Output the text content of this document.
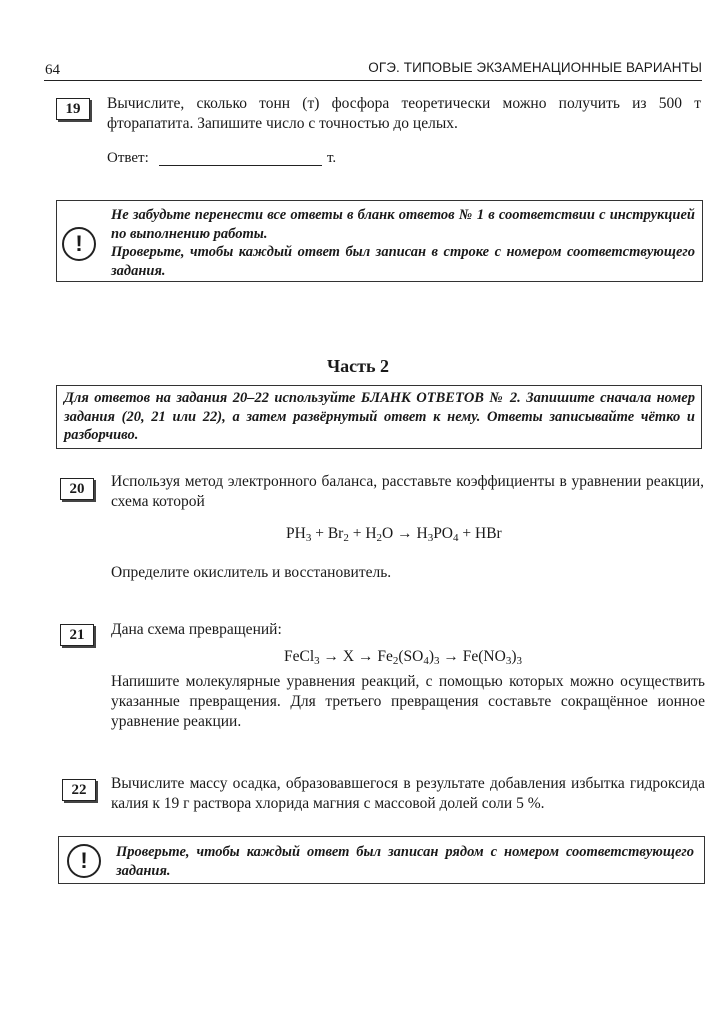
64	ОГЭ. ТИПОВЫЕ ЭКЗАМЕНАЦИОННЫЕ ВАРИАНТЫ
19	Вычислите, сколько тонн (т) фосфора теоретически можно получить из 500 т фторапатита. Запишите число с точностью до целых.
Ответ:	т.
!

Не забудьте перенести все ответы в бланк ответов № 1 в соответствии с инструкцией по выполнению работы.

Проверьте, чтобы каждый ответ был записан в строке с номером соответствующего задания.

Часть 2
Для ответов на задания 20–22 используйте БЛАНК ОТВЕТОВ № 2. Запишите сначала номер задания (20, 21 или 22), а затем развёрнутый ответ к нему. Ответы записывайте чётко и разборчиво.
20	Используя метод электронного баланса, расставьте коэффициенты в уравнении реакции, схема которой
$PH_3 + Br_2 + H_2O \to H_3PO_4$ + HBr
Определите окислитель и восстановитель.
21	Дана схема превращений:
FeCl$_3$ → $X \to Fe_2(SO_4)_3 \to Fe(NO_3)_3$
Напишите молекулярные уравнения реакций, с помощью которых можно осуществить указанные превращения. Для третьего превращения составьте сокращённое ионное уравнение реакции.
22	Вычислите массу осадка, образовавшегося в результате добавления избытка гидроксида калия к 19 г раствора хлорида магния с массовой долей соли 5 %.
!	Проверьте, чтобы каждый ответ был записан рядом с номером соответствующего задания.
